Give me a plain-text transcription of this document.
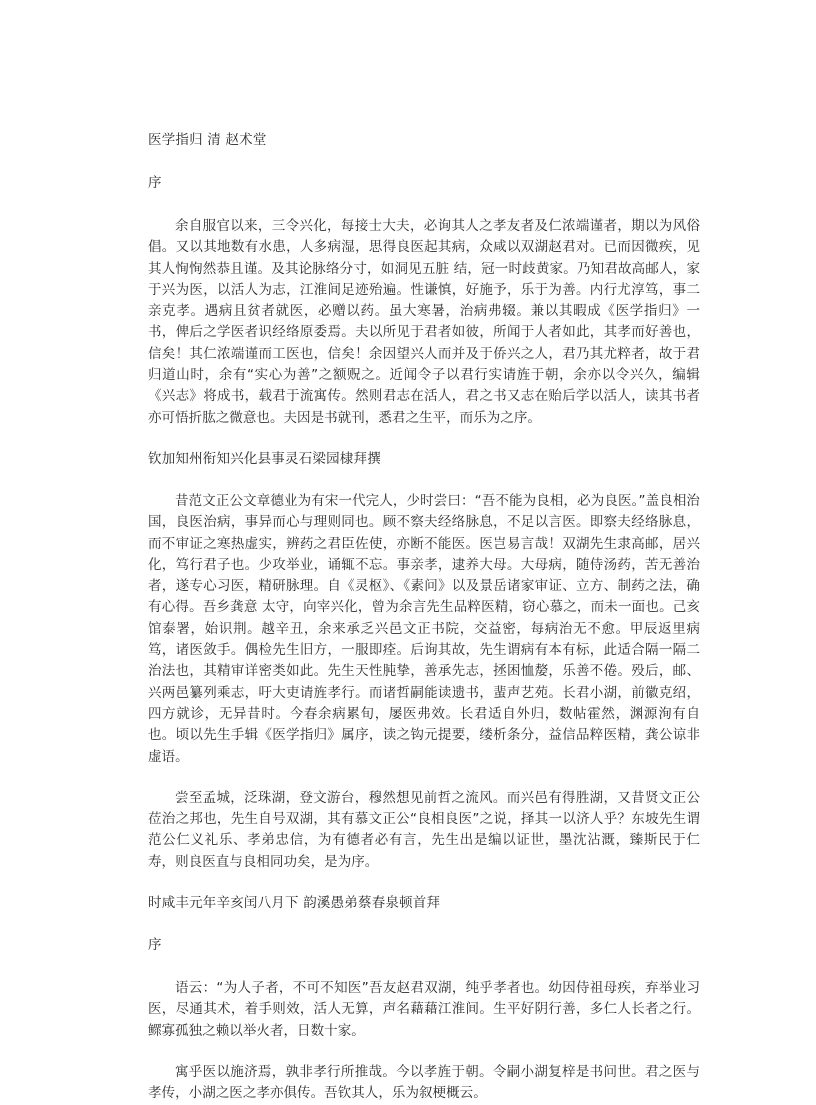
医学指归 清 赵术堂
序
余自服官以来，三令兴化，每接士大夫，必询其人之孝友者及仁浓端谨者，期以为风俗倡。又以其地数有水患，人多病湿，思得良医起其病，众咸以双湖赵君对。已而因微疾，见其人恂恂然恭且谨。及其论脉络分寸，如洞见五脏 结，冠一时歧黄家。乃知君故高邮人，家于兴为医，以活人为志，江淮间足迹殆遍。性谦慎，好施予，乐于为善。内行尤淳笃，事二亲克孝。遇病且贫者就医，必赠以药。虽大寒暑，治病弗辍。兼以其暇成《医学指归》一书，俾后之学医者识经络原委焉。夫以所见于君者如彼，所闻于人者如此，其孝而好善也，信矣！其仁浓端谨而工医也，信矣！余因望兴人而并及于侨兴之人，君乃其尤粹者，故于君归道山时，余有“实心为善”之额贶之。近闻令子以君行实请旌于朝，余亦以令兴久，编辑《兴志》将成书，载君于流寓传。然则君志在活人，君之书又志在贻后学以活人，读其书者亦可悟折肱之微意也。夫因是书就刊，悉君之生平，而乐为之序。
钦加知州衔知兴化县事灵石梁园棣拜撰
昔范文正公文章德业为有宋一代完人，少时尝曰：“吾不能为良相，必为良医。”盖良相治国，良医治病，事异而心与理则同也。顾不察夫经络脉息，不足以言医。即察夫经络脉息，而不审证之寒热虚实，辨药之君臣佐使，亦断不能医。医岂易言哉！双湖先生隶高邮，居兴化，笃行君子也。少攻举业，诵辄不忘。事亲孝，逮养大母。大母病，随侍汤药，苦无善治者，遂专心习医，精研脉理。自《灵枢》、《素问》以及景岳诸家审证、立方、制药之法，确有心得。吾乡龚意 太守，向宰兴化，曾为余言先生品粹医精，窃心慕之，而未一面也。己亥馆泰署，始识荆。越辛丑，余来承乏兴邑文正书院，交益密，每病治无不愈。甲辰返里病笃，诸医敛手。偶检先生旧方，一服即痊。后询其故，先生谓病有本有标，此适合隔一隔二治法也，其精审详密类如此。先生天性肫挚，善承先志，拯困恤嫠，乐善不倦。殁后，邮、兴两邑纂列乘志，吁大吏请旌孝行。而诸哲嗣能读遗书，蜚声艺苑。长君小湖，前徽克绍，四方就诊，无异昔时。今春余病累旬，屡医弗效。长君适自外归，数帖霍然，渊源洵有自也。顷以先生手辑《医学指归》属序，读之钩元提要，缕析条分，益信品粹医精，龚公谅非虚语。
尝至孟城，泛珠湖，登文游台，穆然想见前哲之流风。而兴邑有得胜湖，又昔贤文正公莅治之邦也，先生自号双湖，其有慕文正公“良相良医”之说，择其一以济人乎？东坡先生谓范公仁义礼乐、孝弟忠信，为有德者必有言，先生出是编以证世，墨沈沾溉，臻斯民于仁寿，则良医直与良相同功矣，是为序。
时咸丰元年辛亥闰八月下 韵溪愚弟蔡春泉顿首拜
序
语云：“为人子者，不可不知医”吾友赵君双湖，纯乎孝者也。幼因侍祖母疾，弃举业习医，尽通其术，着手则效，活人无算，声名藉藉江淮间。生平好阴行善，多仁人长者之行。鳏寡孤独之赖以举火者，日数十家。
寓乎医以施济焉，孰非孝行所推哉。今以孝旌于朝。令嗣小湖复梓是书问世。君之医与孝传，小湖之医之孝亦俱传。吾钦其人，乐为叙梗概云。
